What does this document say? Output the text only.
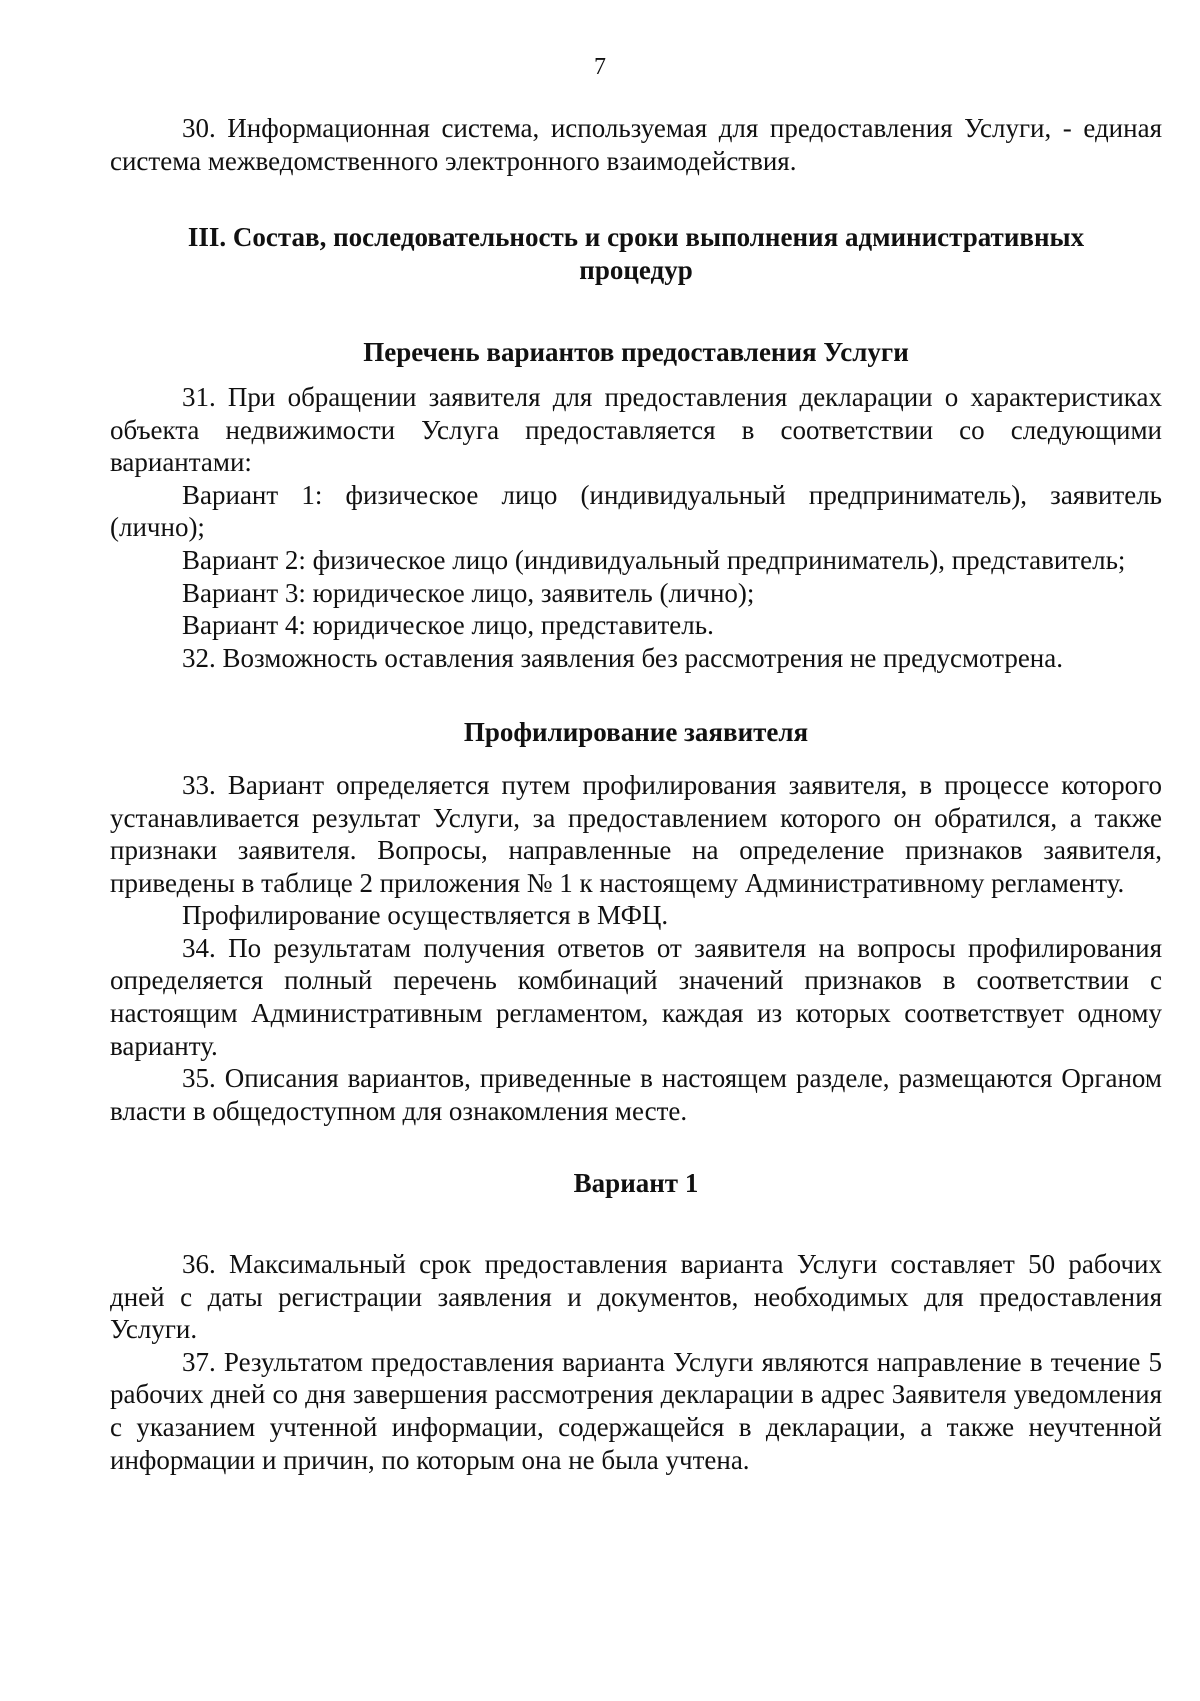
7

30. Информационная система, используемая для предоставления Услуги, - единая система межведомственного электронного взаимодействия.

III. Состав, последовательность и сроки выполнения административных
процедур
Перечень вариантов предоставления Услуги

31. При обращении заявителя для предоставления декларации о характеристиках объекта недвижимости Услуга предоставляется в соответствии со следующими вариантами:

Вариант 1: физическое лицо (индивидуальный предприниматель), заявитель (лично);

Вариант 2: физическое лицо (индивидуальный предприниматель), представитель;

Вариант 3: юридическое лицо, заявитель (лично);

Вариант 4: юридическое лицо, представитель.

32. Возможность оставления заявления без рассмотрения не предусмотрена.

Профилирование заявителя

33. Вариант определяется путем профилирования заявителя, в процессе которого устанавливается результат Услуги, за предоставлением которого он обратился, а также признаки заявителя. Вопросы, направленные на определение признаков заявителя, приведены в таблице 2 приложения № 1 к настоящему Административному регламенту.

Профилирование осуществляется в МФЦ.

34. По результатам получения ответов от заявителя на вопросы профилирования определяется полный перечень комбинаций значений признаков в соответствии с настоящим Административным регламентом, каждая из которых соответствует одному варианту.

35. Описания вариантов, приведенные в настоящем разделе, размещаются Органом власти в общедоступном для ознакомления месте.

Вариант 1

36. Максимальный срок предоставления варианта Услуги составляет 50 рабочих дней с даты регистрации заявления и документов, необходимых для предоставления Услуги.

37. Результатом предоставления варианта Услуги являются направление в течение 5 рабочих дней со дня завершения рассмотрения декларации в адрес Заявителя уведомления с указанием учтенной информации, содержащейся в декларации, а также неучтенной информации и причин, по которым она не была учтена.
